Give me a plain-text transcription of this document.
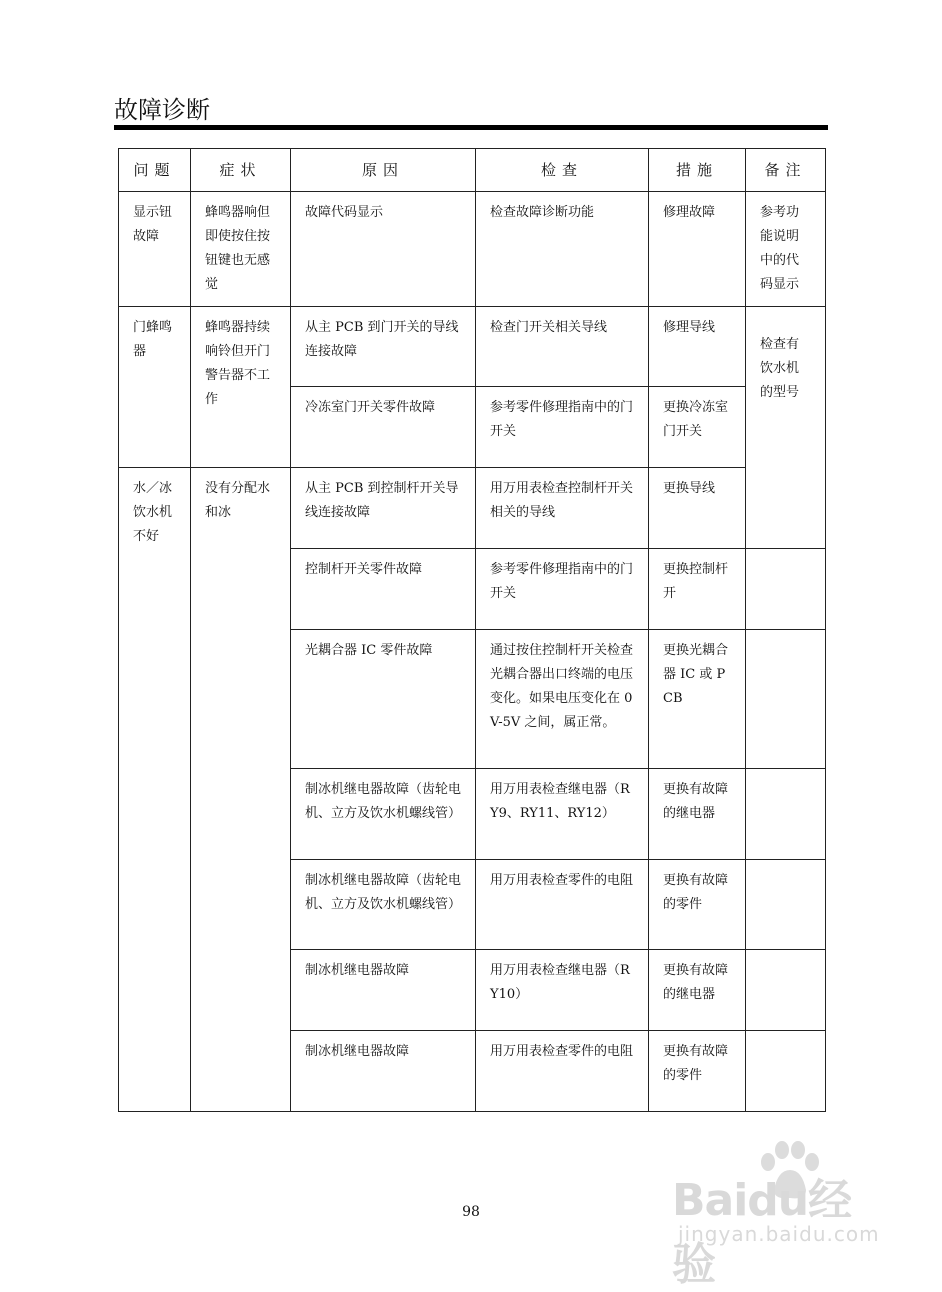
故障诊断
问题	症状	原因	检查	措施	备注
显示钮故障	蜂鸣器响但即使按住按钮键也无感觉	故障代码显示	检查故障诊断功能	修理故障	参考功能说明中的代码显示
门蜂鸣器	蜂鸣器持续响铃但开门警告器不工作	从主 PCB 到门开关的导线连接故障	检查门开关相关导线	修理导线	检查有饮水机的型号
		冷冻室门开关零件故障	参考零件修理指南中的门开关	更换冷冻室门开关	
水／冰饮水机不好	没有分配水和冰	从主 PCB 到控制杆开关导线连接故障	用万用表检查控制杆开关相关的导线	更换导线	
		控制杆开关零件故障	参考零件修理指南中的门开关	更换控制杆开	
		光耦合器 IC 零件故障	通过按住控制杆开关检查光耦合器出口终端的电压变化。如果电压变化在 0V-5V 之间，属正常。	更换光耦合器 IC 或 PCB	
		制冰机继电器故障（齿轮电机、立方及饮水机螺线管）	用万用表检查继电器（RY9、RY11、RY12）	更换有故障的继电器	
		制冰机继电器故障（齿轮电机、立方及饮水机螺线管）	用万用表检查零件的电阻	更换有故障的零件	
		制冰机继电器故障	用万用表检查继电器（RY10）	更换有故障的继电器	
		制冰机继电器故障	用万用表检查零件的电阻	更换有故障的零件	
98	Baidu经验
jingyan.baidu.com
